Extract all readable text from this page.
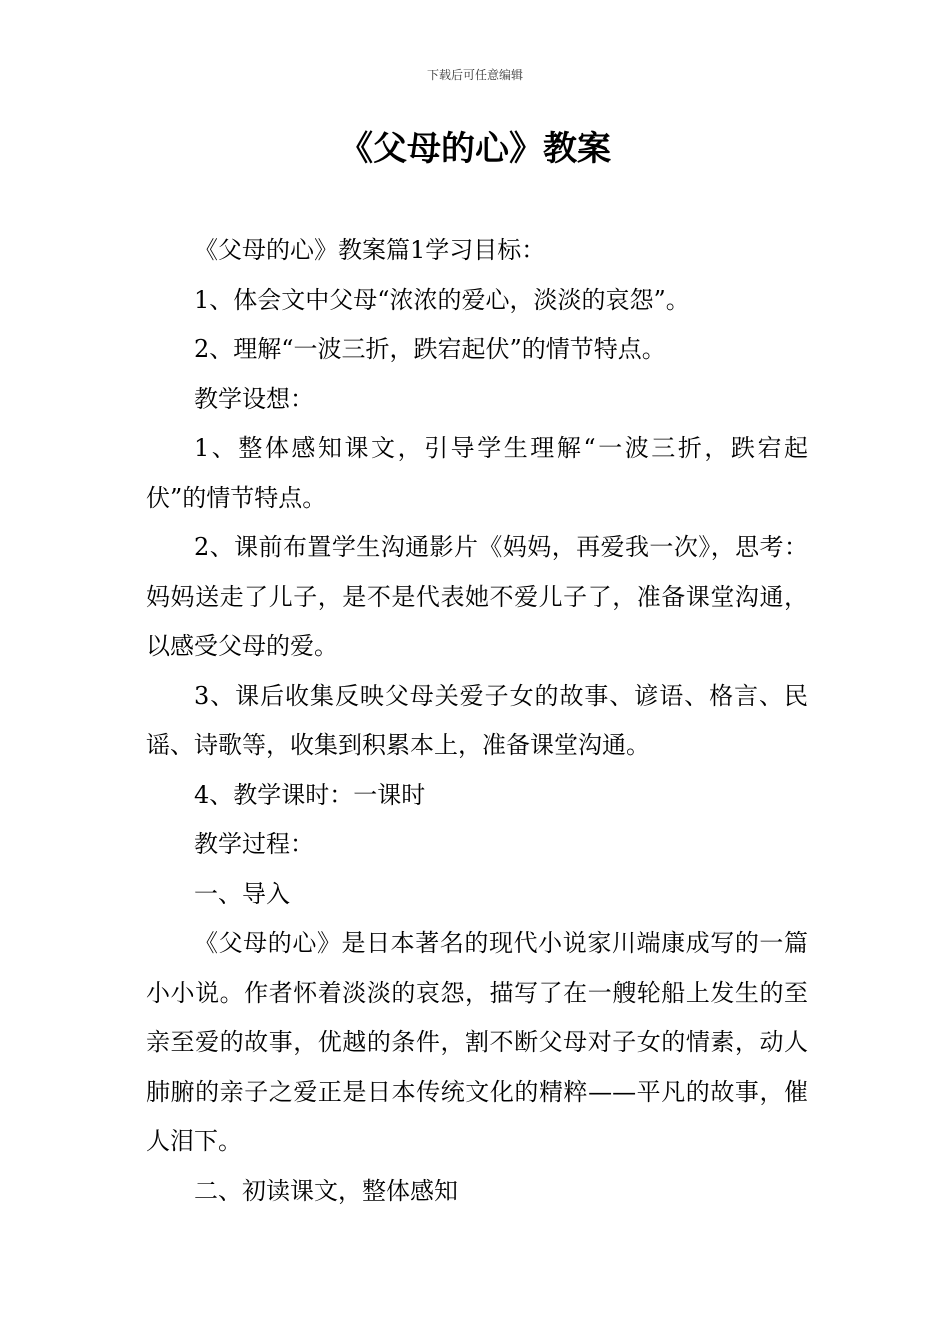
下载后可任意编辑
《父母的心》教案

《父母的心》教案篇1学习目标：

1、体会文中父母“浓浓的爱心，淡淡的哀怨”。

2、理解“一波三折，跌宕起伏”的情节特点。

教学设想：

1、整体感知课文，引导学生理解“一波三折，跌宕起伏”的情节特点。

2、课前布置学生沟通影片《妈妈，再爱我一次》，思考：妈妈送走了儿子，是不是代表她不爱儿子了，准备课堂沟通，以感受父母的爱。

3、课后收集反映父母关爱子女的故事、谚语、格言、民谣、诗歌等，收集到积累本上，准备课堂沟通。

4、教学课时：一课时

教学过程：

一、导入

《父母的心》是日本著名的现代小说家川端康成写的一篇小小说。作者怀着淡淡的哀怨，描写了在一艘轮船上发生的至亲至爱的故事，优越的条件，割不断父母对子女的情素，动人肺腑的亲子之爱正是日本传统文化的精粹——平凡的故事，催人泪下。

二、初读课文，整体感知
